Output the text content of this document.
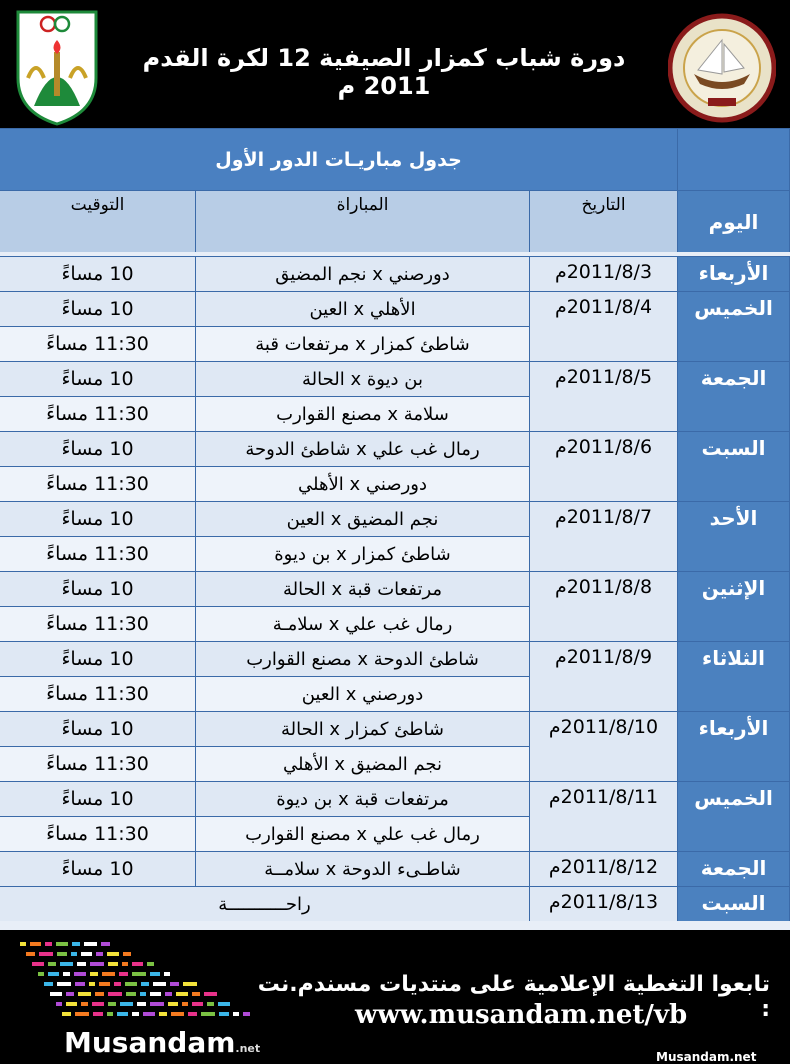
دورة شباب كمزار الصيفية 12 لكرة القدم 2011 م
جدول مباريـات الدور الأول
اليوم
التاريخ
المباراة
التوقيت
الأربعاء
2011/8/3م
دورصني x نجم المضيق
10 مساءً
الخميس
2011/8/4م
الأهلي x العين
10 مساءً
شاطئ كمزار x مرتفعات قبة
11:30 مساءً
الجمعة
2011/8/5م
بن ديوة x الحالة
10 مساءً
سلامة x مصنع القوارب
11:30 مساءً
السبت
2011/8/6م
رمال غب علي x شاطئ الدوحة
10 مساءً
دورصني x الأهلي
11:30 مساءً
الأحد
2011/8/7م
نجم المضيق x العين
10 مساءً
شاطئ كمزار x بن ديوة
11:30 مساءً
الإثنين
2011/8/8م
مرتفعات قبة x الحالة
10 مساءً
رمال غب علي x سلامـة
11:30 مساءً
الثلاثاء
2011/8/9م
شاطئ الدوحة x مصنع القوارب
10 مساءً
دورصني x العين
11:30 مساءً
الأربعاء
2011/8/10م
شاطئ كمزار x الحالة
10 مساءً
نجم المضيق x الأهلي
11:30 مساءً
الخميس
2011/8/11م
مرتفعات قبة x بن ديوة
10 مساءً
رمال غب علي x مصنع القوارب
11:30 مساءً
الجمعة
2011/8/12م
شاطـىء الدوحة x سلامــة
10 مساءً
السبت
2011/8/13م
راحـــــــــــة
تابعوا التغطية الإعلامية على منتديات مسندم.نت :
www.musandam.net/vb
Musandam.net
Musandam.net
